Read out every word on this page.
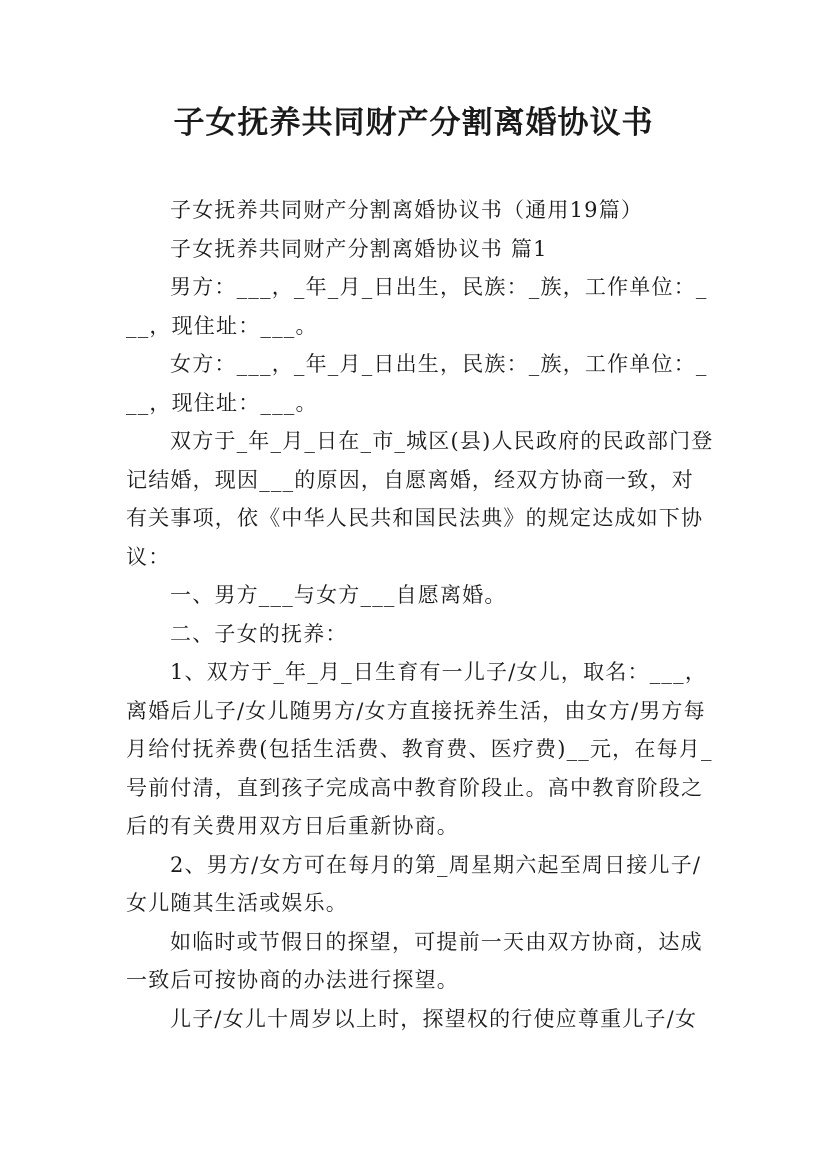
子女抚养共同财产分割离婚协议书

子女抚养共同财产分割离婚协议书（通用19篇）

子女抚养共同财产分割离婚协议书 篇1

男方：___，_年_月_日出生，民族：_族，工作单位：___，现住址：___。

女方：___，_年_月_日出生，民族：_族，工作单位：___，现住址：___。

双方于_年_月_日在_市_城区(县)人民政府的民政部门登记结婚，现因___的原因，自愿离婚，经双方协商一致，对有关事项，依《中华人民共和国民法典》的规定达成如下协议：

一、男方___与女方___自愿离婚。

二、子女的抚养：

1、双方于_年_月_日生育有一儿子/女儿，取名：___，离婚后儿子/女儿随男方/女方直接抚养生活，由女方/男方每月给付抚养费(包括生活费、教育费、医疗费)__元，在每月_号前付清，直到孩子完成高中教育阶段止。高中教育阶段之后的有关费用双方日后重新协商。

2、男方/女方可在每月的第_周星期六起至周日接儿子/女儿随其生活或娱乐。

如临时或节假日的探望，可提前一天由双方协商，达成一致后可按协商的办法进行探望。

儿子/女儿十周岁以上时，探望权的行使应尊重儿子/女
